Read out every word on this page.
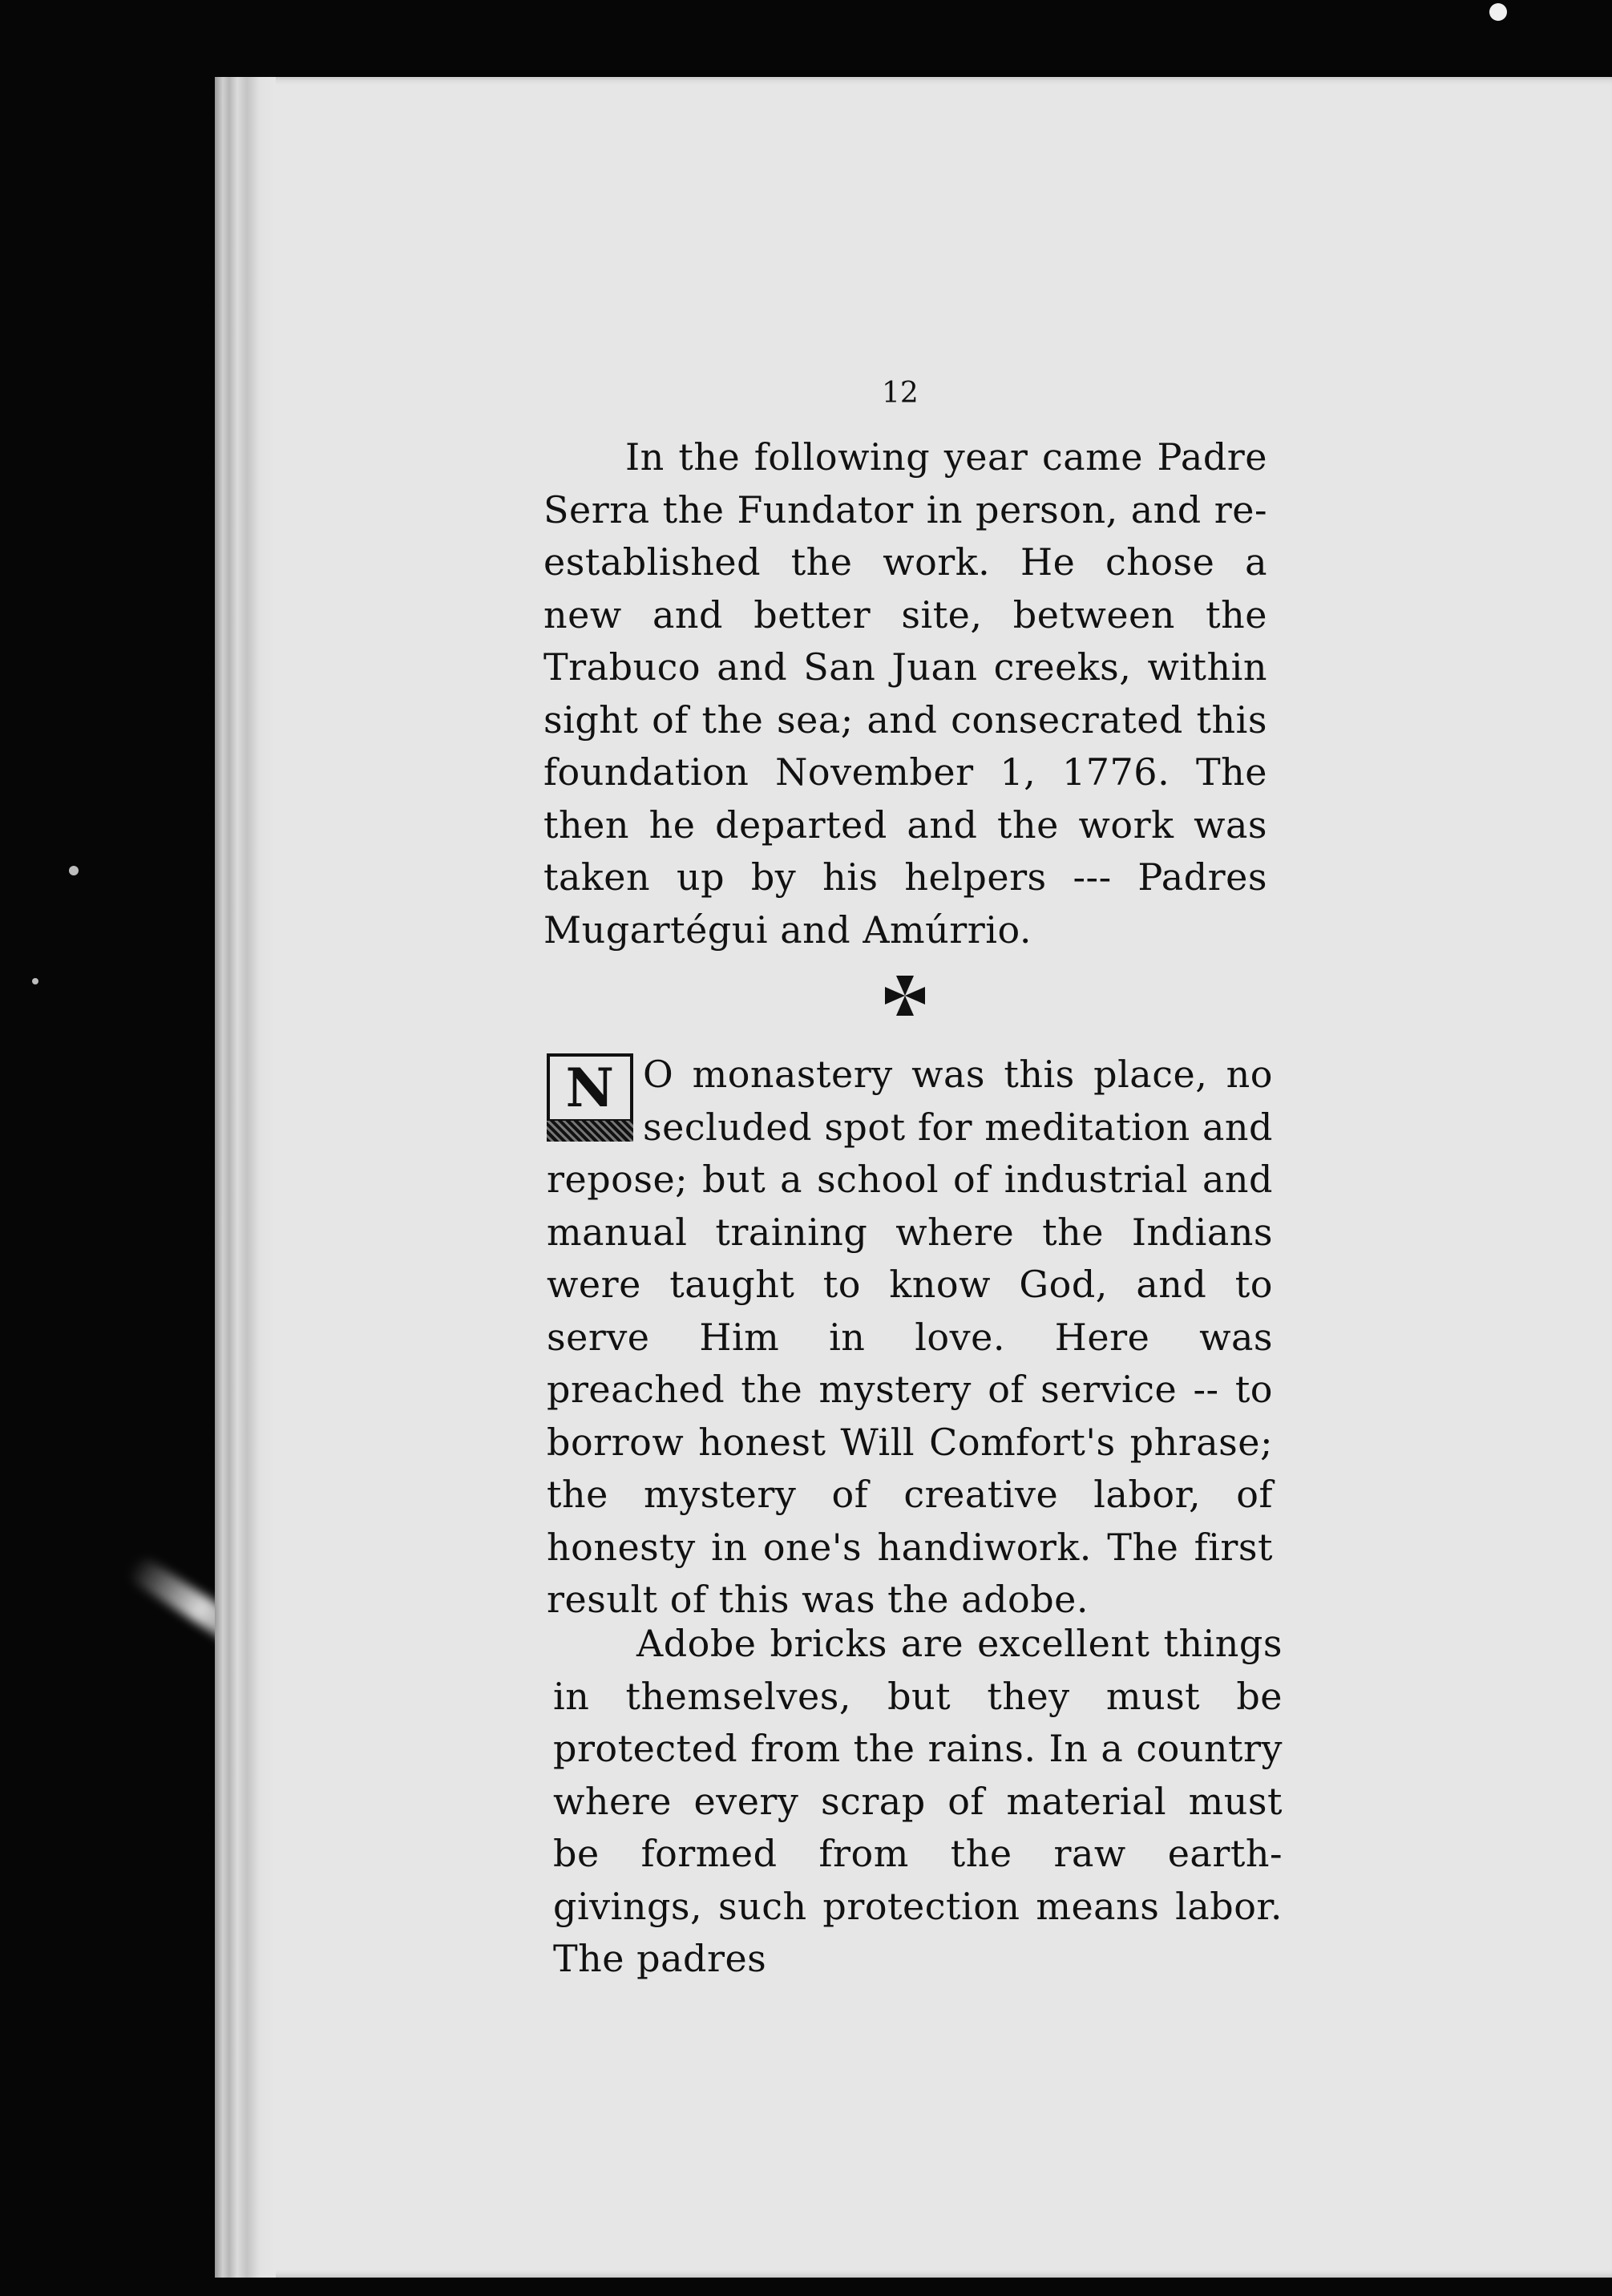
12

In the following year came Padre Serra the Fundator in person, and re-established the work. He chose a new and better site, between the Trabuco and San Juan creeks, within sight of the sea; and consecrated this foundation November 1, 1776. The then he departed and the work was taken up by his helpers --- Padres Mugartégui and Amúrrio.

N O monastery was this place, no secluded spot for meditation and repose; but a school of industrial and manual training where the Indians were taught to know God, and to serve Him in love. Here was preached the mystery of service -- to borrow honest Will Comfort's phrase; the mystery of creative labor, of honesty in one's handiwork. The first result of this was the adobe.

Adobe bricks are excellent things in themselves, but they must be protected from the rains. In a country where every scrap of material must be formed from the raw earth-givings, such protection means labor. The padres
